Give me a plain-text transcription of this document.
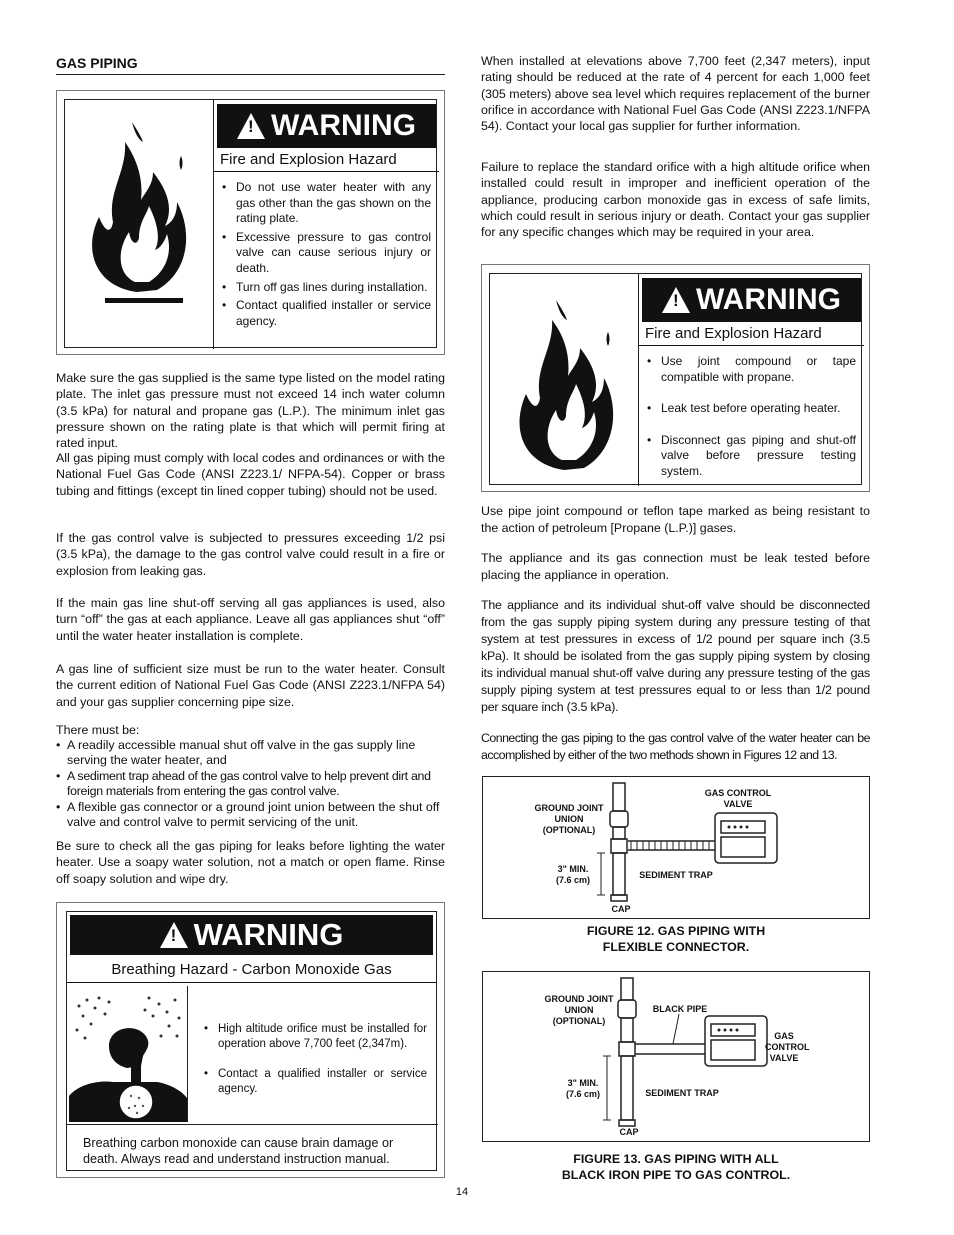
GAS PIPING
! WARNING
Fire and Explosion Hazard
• Do not use water heater with any gas other than the gas shown on the rating plate.
• Excessive pressure to gas control valve can cause serious injury or death.
• Turn off gas lines during installation.
• Contact qualified installer or service agency.

Make sure the gas supplied is the same type listed on the model rating plate. The inlet gas pressure must not exceed 14 inch water column (3.5 kPa) for natural and propane gas (L.P.). The minimum inlet gas pressure shown on the rating plate is that which will permit firing at rated input.

All gas piping must comply with local codes and ordinances or with the National Fuel Gas Code (ANSI Z223.1/ NFPA-54). Copper or brass tubing and fittings (except tin lined copper tubing) should not be used.

If the gas control valve is subjected to pressures exceeding 1/2 psi (3.5 kPa), the damage to the gas control valve could result in a fire or explosion from leaking gas.

If the main gas line shut-off serving all gas appliances is used, also turn “off” the gas at each appliance. Leave all gas appliances shut “off” until the water heater installation is complete.

A gas line of sufficient size must be run to the water heater. Consult the current edition of National Fuel Gas Code (ANSI Z223.1/NFPA 54) and your gas supplier concerning pipe size.

There must be:

• A readily accessible manual shut off valve in the gas supply line serving the water heater, and

• A sediment trap ahead of the gas control valve to help prevent dirt and foreign materials from entering the gas control valve.

• A flexible gas connector or a ground joint union between the shut off valve and control valve to permit servicing of the unit.

Be sure to check all the gas piping for leaks before lighting the water heater. Use a soapy water solution, not a match or open flame. Rinse off soapy solution and wipe dry.

! WARNING
Breathing Hazard - Carbon Monoxide Gas
• High altitude orifice must be installed for operation above 7,700 feet (2,347m).
• Contact a qualified installer or service agency.
Breathing carbon monoxide can cause brain damage or death. Always read and understand instruction manual.

When installed at elevations above 7,700 feet (2,347 meters), input rating should be reduced at the rate of 4 percent for each 1,000 feet (305 meters) above sea level which requires replacement of the burner orifice in accordance with National Fuel Gas Code (ANSI Z223.1/NFPA 54). Contact your local gas supplier for further information.

Failure to replace the standard orifice with a high altitude orifice when installed could result in improper and inefficient operation of the appliance, producing carbon monoxide gas in excess of safe limits, which could result in serious injury or death. Contact your gas supplier for any specific changes which may be required in your area.

! WARNING
Fire and Explosion Hazard
• Use joint compound or tape compatible with propane.
• Leak test before operating heater.
• Disconnect gas piping and shut-off valve before pressure testing system.

Use pipe joint compound or teflon tape marked as being resistant to the action of petroleum [Propane (L.P.)] gases.

The appliance and its gas connection must be leak tested before placing the appliance in operation.

The appliance and its individual shut-off valve should be disconnected from the gas supply piping system during any pressure testing of that system at test pressures in excess of 1/2 pound per square inch (3.5 kPa). It should be isolated from the gas supply piping system by closing its individual manual shut-off valve during any pressure testing of the gas supply piping system at test pressures equal to or less than 1/2 pound per square inch (3.5 kPa).

Connecting the gas piping to the gas control valve of the water heater can be accomplished by either of the two methods shown in Figures 12 and 13.

GROUND JOINT
UNION
(OPTIONAL)
GAS CONTROL
VALVE
3" MIN.
(7.6 cm)	SEDIMENT TRAP
CAP
FIGURE 12. GAS PIPING WITH
FLEXIBLE CONNECTOR.
GROUND JOINT
UNION
(OPTIONAL)
BLACK PIPE
GAS
CONTROL
VALVE
3" MIN.
(7.6 cm)	SEDIMENT TRAP
CAP
FIGURE 13. GAS PIPING WITH ALL
BLACK IRON PIPE TO GAS CONTROL.
14
